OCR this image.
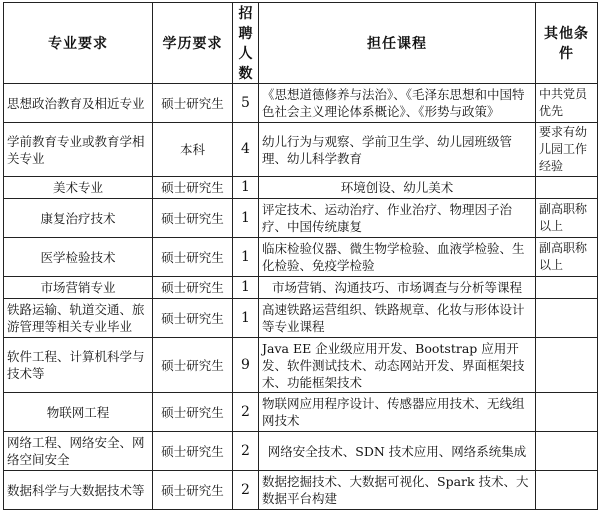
专业要求	学历要求	招聘人数	担任课程	其他条件
思想政治教育及相近专业	硕士研究生	5	《思想道德修养与法治》、《毛泽东思想和中国特色社会主义理论体系概论》、《形势与政策》	中共党员优先
学前教育专业或教育学相关专业	本科	4	幼儿行为与观察、学前卫生学、幼儿园班级管理、幼儿科学教育	要求有幼儿园工作经验
美术专业	硕士研究生	1	环境创设、幼儿美术	
康复治疗技术	硕士研究生	1	评定技术、运动治疗、作业治疗、物理因子治疗、中国传统康复	副高职称以上
医学检验技术	硕士研究生	1	临床检验仪器、微生物学检验、血液学检验、生化检验、免疫学检验	副高职称以上
市场营销专业	硕士研究生	1	市场营销、沟通技巧、市场调查与分析等课程	
铁路运输、轨道交通、旅游管理等相关专业毕业	硕士研究生	1	高速铁路运营组织、铁路规章、化妆与形体设计等专业课程	
软件工程、计算机科学与技术等	硕士研究生	9	Java EE 企业级应用开发、Bootstrap 应用开发、软件测试技术、动态网站开发、界面框架技术、功能框架技术	
物联网工程	硕士研究生	2	物联网应用程序设计、传感器应用技术、无线组网技术	
网络工程、网络安全、网络空间安全	硕士研究生	2	网络安全技术、SDN 技术应用、网络系统集成	
数据科学与大数据技术等	硕士研究生	2	数据挖掘技术、大数据可视化、Spark 技术、大数据平台构建	
